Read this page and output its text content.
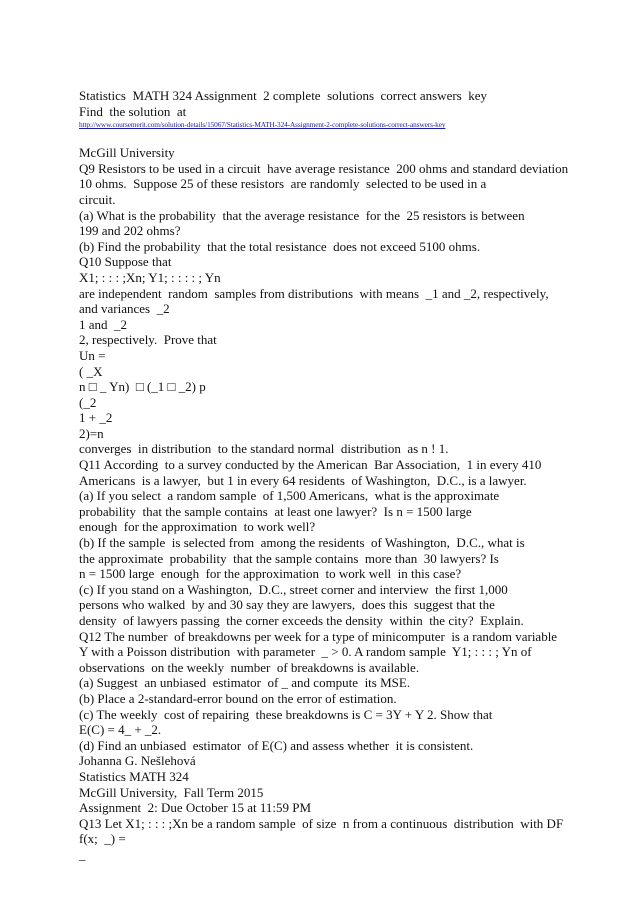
Statistics  MATH 324 Assignment  2 complete  solutions  correct answers  key
Find  the solution  at
http://www.coursemerit.com/solution-details/15067/Statistics-MATH-324-Assignment-2-complete-solutions-correct-answers-key
McGill University
Q9 Resistors to be used in a circuit  have average resistance  200 ohms and standard deviation
10 ohms.  Suppose 25 of these resistors  are randomly  selected to be used in a
circuit.
(a) What is the probability  that the average resistance  for the  25 resistors is between
199 and 202 ohms?
(b) Find the probability  that the total resistance  does not exceed 5100 ohms.
Q10 Suppose that
X1; : : : ;Xn; Y1; : : : : ; Yn
are independent  random  samples from distributions  with means  _1 and _2, respectively,
and variances  _2
1 and  _2
2, respectively.  Prove that
Un =
( _X
n □ _ Yn)  □ (_1 □ _2) p
(_2
1 + _2
2)=n
converges  in distribution  to the standard normal  distribution  as n ! 1.
Q11 According  to a survey conducted by the American  Bar Association,  1 in every 410
Americans  is a lawyer,  but 1 in every 64 residents  of Washington,  D.C., is a lawyer.
(a) If you select  a random sample  of 1,500 Americans,  what is the approximate
probability  that the sample contains  at least one lawyer?  Is n = 1500 large
enough  for the approximation  to work well?
(b) If the sample  is selected from  among the residents  of Washington,  D.C., what is
the approximate  probability  that the sample contains  more than  30 lawyers? Is
n = 1500 large  enough  for the approximation  to work well  in this case?
(c) If you stand on a Washington,  D.C., street corner and interview  the first 1,000
persons who walked  by and 30 say they are lawyers,  does this  suggest that the
density  of lawyers passing  the corner exceeds the density  within  the city?  Explain.
Q12 The number  of breakdowns per week for a type of minicomputer  is a random variable
Y with a Poisson distribution  with parameter  _ > 0. A random sample  Y1; : : : ; Yn of
observations  on the weekly  number  of breakdowns is available.
(a) Suggest  an unbiased  estimator  of _ and compute  its MSE.
(b) Place a 2-standard-error bound on the error of estimation.
(c) The weekly  cost of repairing  these breakdowns is C = 3Y + Y 2. Show that
E(C) = 4_ + _2.
(d) Find an unbiased  estimator  of E(C) and assess whether  it is consistent.
Johanna G. Nešlehová
Statistics MATH 324
McGill University,  Fall Term 2015
Assignment  2: Due October 15 at 11:59 PM
Q13 Let X1; : : : ;Xn be a random sample  of size  n from a continuous  distribution  with DF
f(x;  _) =
_
